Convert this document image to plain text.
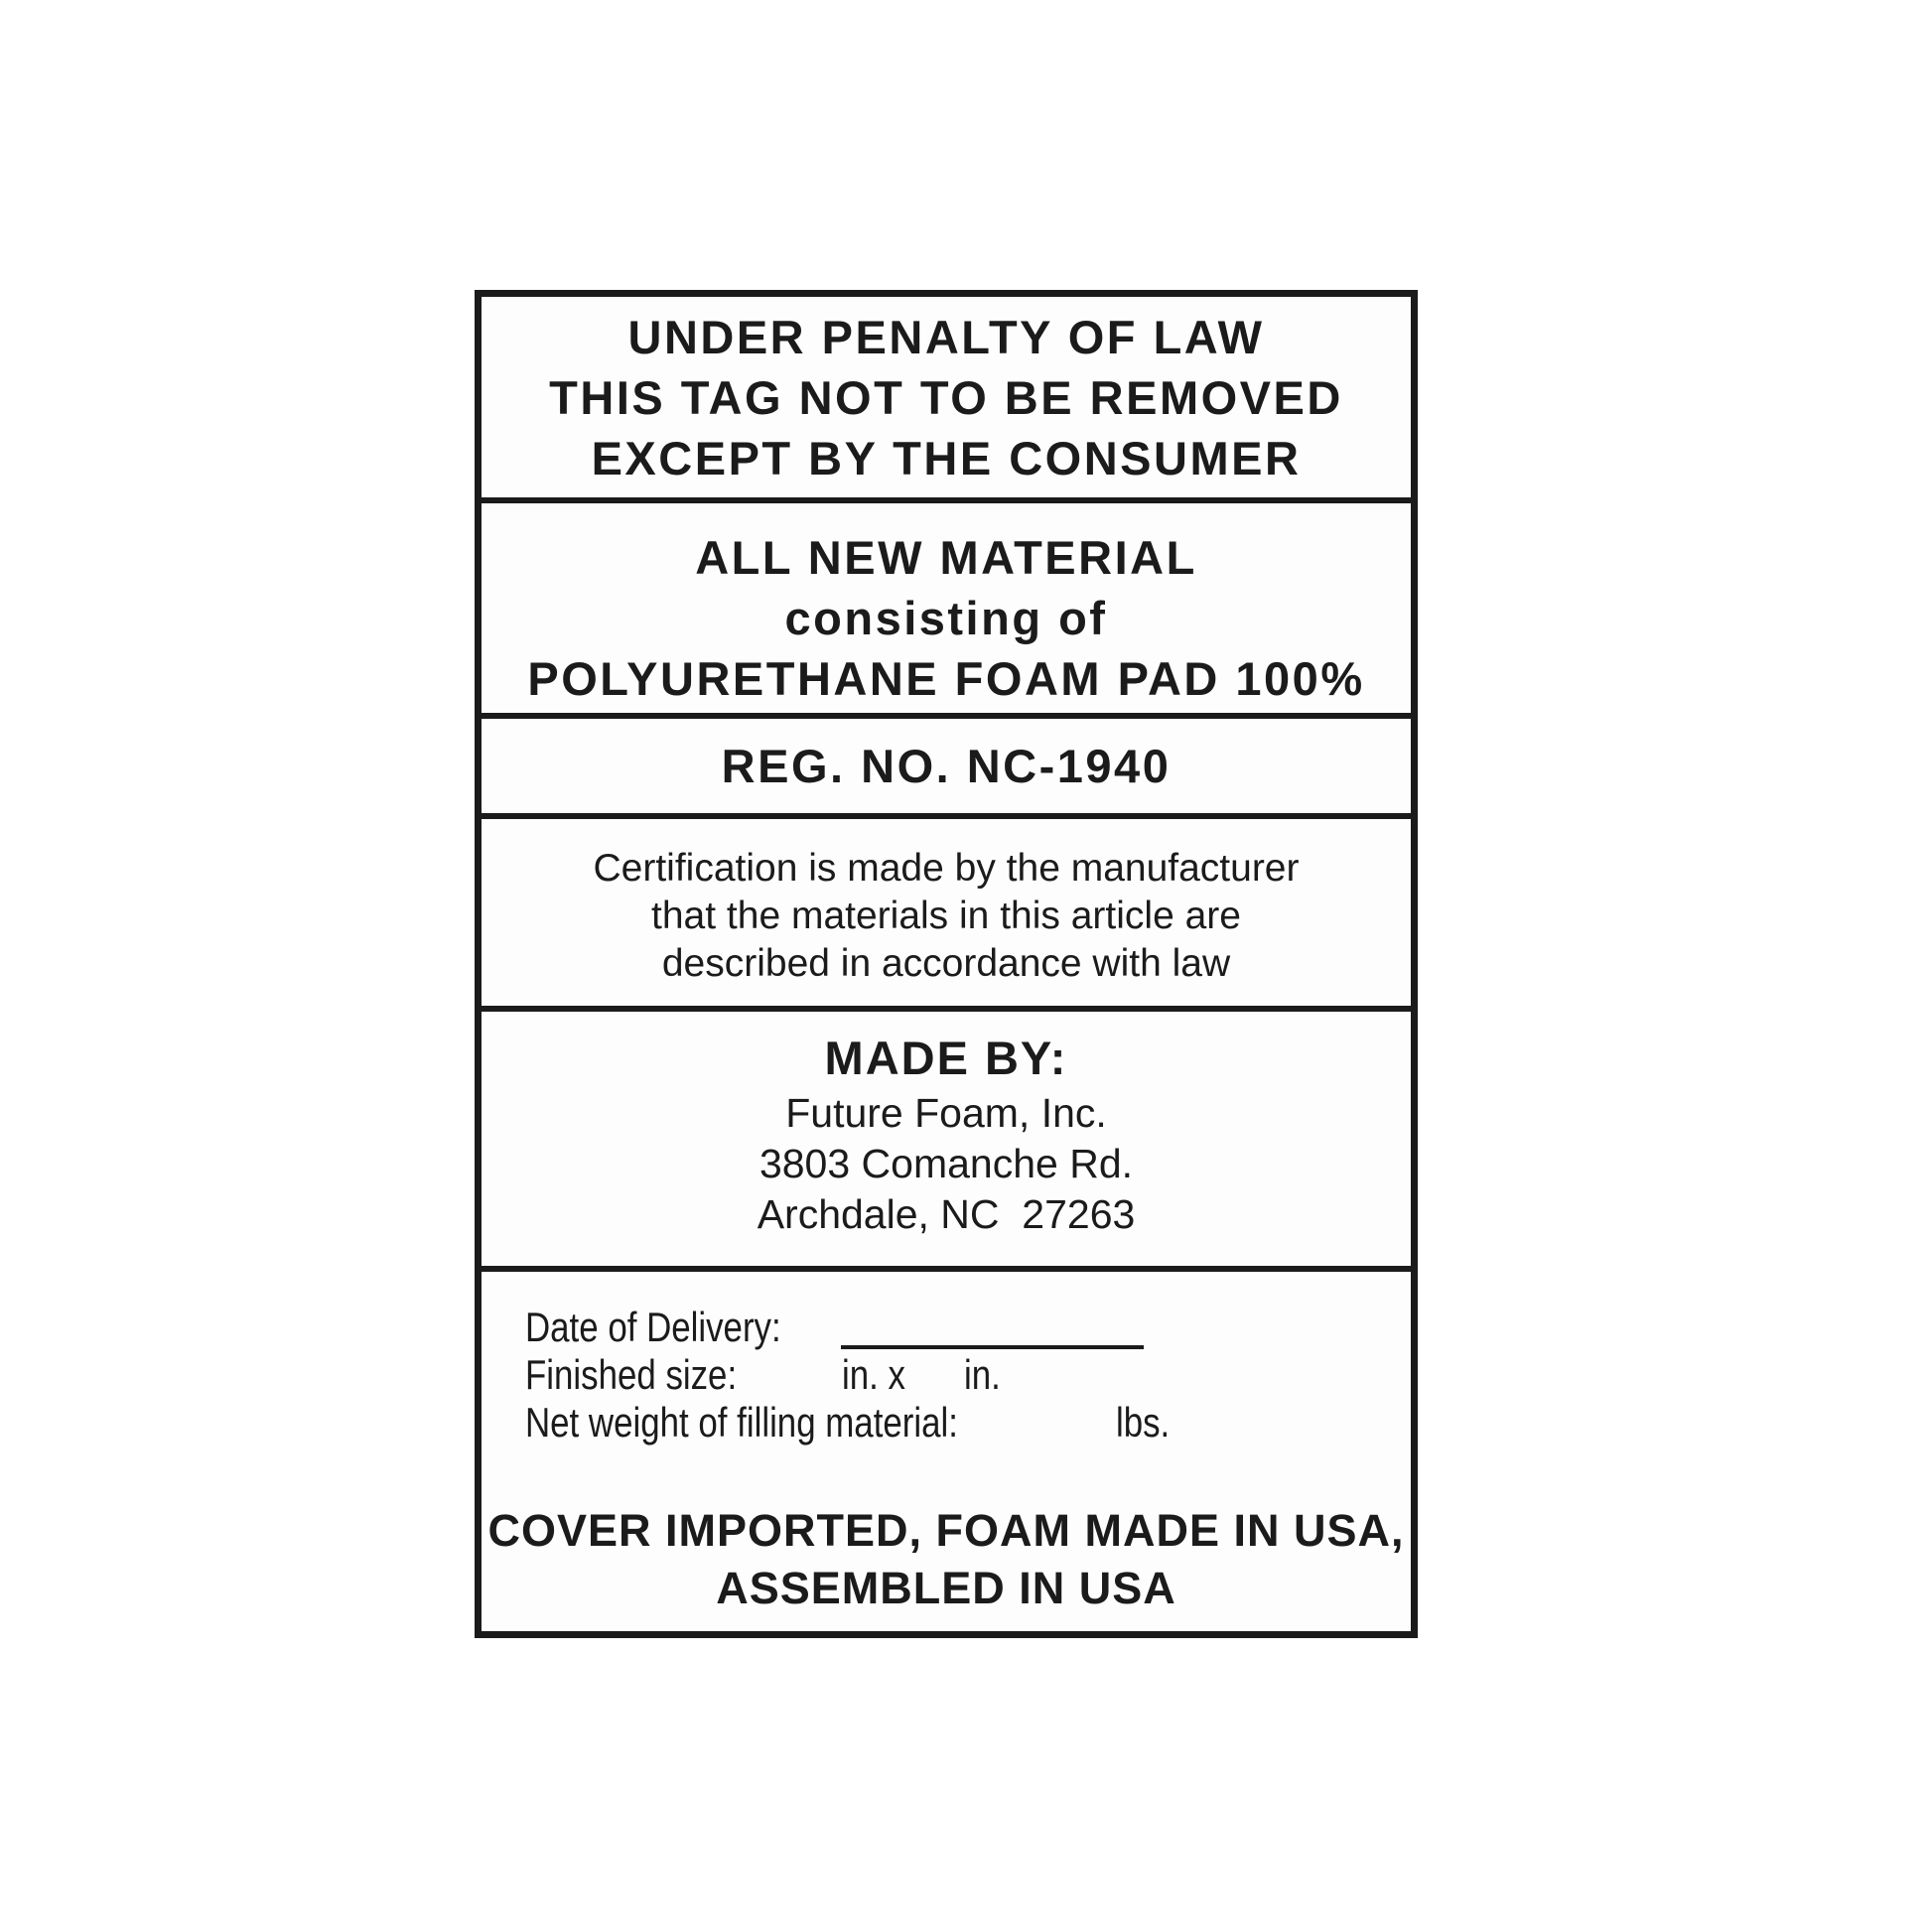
UNDER PENALTY OF LAW
THIS TAG NOT TO BE REMOVED
EXCEPT BY THE CONSUMER
ALL NEW MATERIAL
consisting of
POLYURETHANE FOAM PAD 100%
REG. NO. NC-1940
Certification is made by the manufacturer
that the materials in this article are
described in accordance with law
MADE BY:
Future Foam, Inc.
3803 Comanche Rd.
Archdale, NC  27263
Date of Delivery:
Finished size:	in. x in.
Net weight of filling material:	lbs.
COVER IMPORTED, FOAM MADE IN USA,
ASSEMBLED IN USA
